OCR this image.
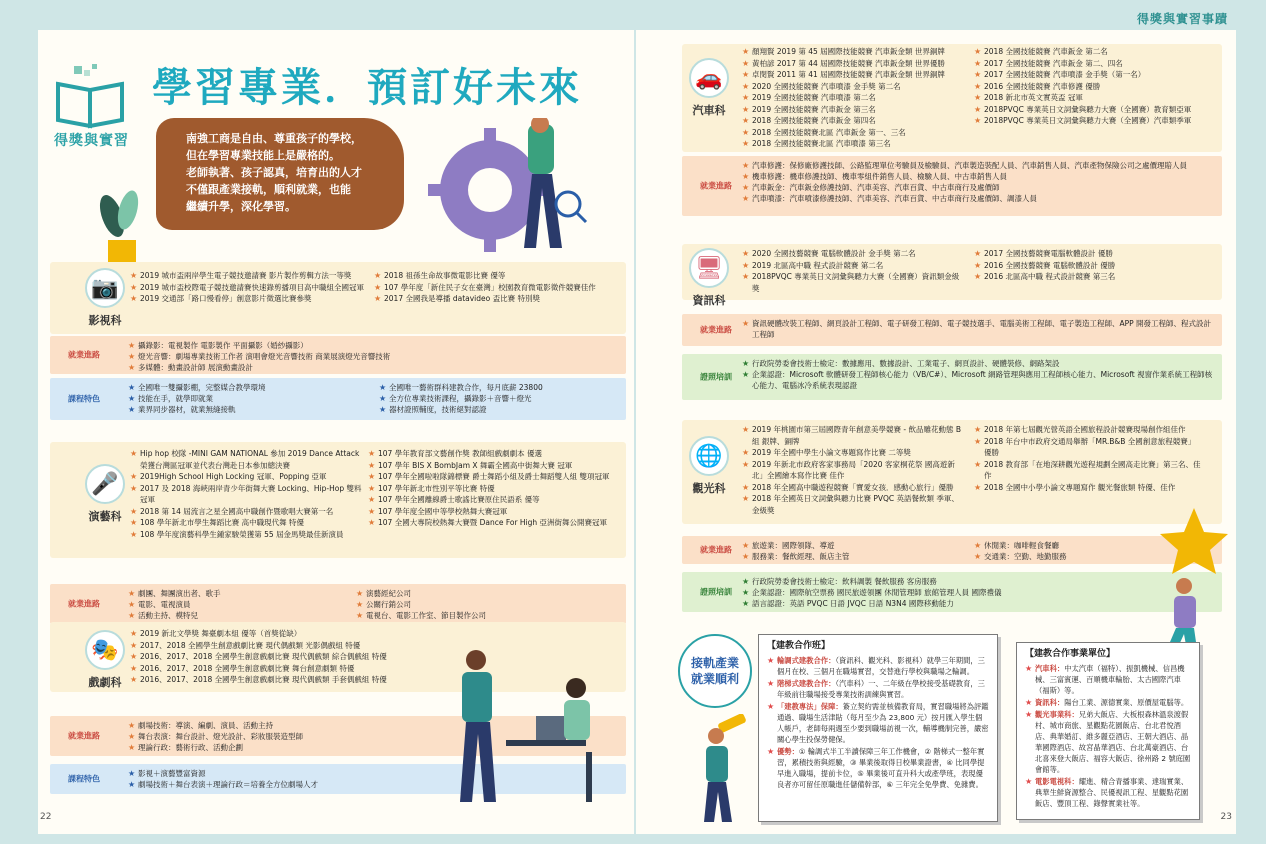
得獎與實習事蹟
得獎與實習
學習專業．預訂好未來
南強工商是自由、尊重孩子的學校，
但在學習專業技能上是嚴格的。
老師執著、孩子認真，培育出的人才
不僅跟產業接軌，順利就業，也能
繼續升學，深化學習。
📷
影視科
★ 2019 城市盃兩岸學生電子競技邀請賽 影片製作剪輯方法一等獎
★ 2019 城市盃校際電子競技邀請賽快速錄剪播項目高中職組全國冠軍
★ 2019 交通部「路口慢看停」創意影片徵選比賽參獎
★ 2018 祖孫生命故事微電影比賽 優等
★ 107 學年度「新住民子女在臺灣」校園教育微電影徵件競賽佳作
★ 2017 全國我是導播 datavideo 盃比賽 特別獎
就業進路
★ 攝錄影：電視製作 電影製作 平面攝影（婚紗攝影）
★ 燈光音響：劇場專業技術工作者 演唱會燈光音響技術 商業展演燈光音響技術
★ 多媒體：動畫設計師 展演動畫設計
課程特色
★ 全國唯一雙攝影棚，完整媒合教學環境
★ 技能在手，就學即就業
★ 業界同步器材，就業無縫接軌
★ 全國唯一藝術群科建教合作，每月底薪 23800
★ 全方位專業技術課程，攝錄影＋音響＋燈光
★ 器材證照輔度，技術絕對認證
🎤
演藝科
★ Hip hop 校隊 -MINI GAM NATIONAL 參加 2019 Dance Attack 榮獲台灣區冠軍並代表台灣赴日本參加總決賽
★ 2019High School High Locking 冠軍、Popping 亞軍
★ 2017 及 2018 海峽兩岸青少年街舞大賽 Locking、Hip-Hop 雙料冠軍
★ 2018 第 14 屆流言之星全國高中職創作暨歌唱大賽第一名
★ 108 學年新北市學生舞蹈比賽 高中職現代舞 特優
★ 108 學年度演藝科學生鍾家駿榮獲第 55 屆金馬獎最佳新演員
★ 107 學年教育部文藝創作獎 教師組戲劇劇本 優選
★ 107 學年 BIS X BombJam X 舞霸全國高中街舞大賽 冠軍
★ 107 學年全國啦啦隊錦標賽 爵士舞蹈小組及爵士舞蹈雙人組 雙項冠軍
★ 107 學年新北市性別平等比賽 特優
★ 107 學年全國離線爵士歌謠比賽原住民語系 優等
★ 107 學年度全國中等學校熱舞大賽冠軍
★ 107 全國大專院校熱舞大賽暨 Dance For High 亞洲街舞公開賽冠軍
就業進路
★ 劇團、舞團演出者、歌手
★ 電影、電視演員
★ 活動主持、模特兒
★ 演藝經紀公司
★ 公關行銷公司
★ 電視台、電影工作室、節目製作公司
🎭
戲劇科
★ 2019 新北文學獎 舞臺劇本組 優等（首獎從缺）
★ 2017、2018 全國學生創意戲劇比賽 現代偶戲類 光影偶戲組 特優
★ 2016、2017、2018 全國學生創意戲劇比賽 現代偶戲類 綜合偶戲組 特優
★ 2016、2017、2018 全國學生創意戲劇比賽 舞台創意劇類 特優
★ 2016、2017、2018 全國學生創意戲劇比賽 現代偶戲類 手套偶戲組 特優
就業進路
★ 劇場技術：導演、編劇、演員、活動主持
★ 舞台表演：舞台設計、燈光設計、彩妝服裝造型師
★ 理論行政：藝術行政、活動企劃
課程特色
★ 影視＋演藝豐富資源
★ 劇場技術＋舞台表演＋理論行政＝培養全方位劇場人才
22
🚗
汽車科
★ 顏翔賢 2019 第 45 屆國際技能競賽 汽車鈑金類 世界銅牌
★ 黃柏諺 2017 第 44 屆國際技能競賽 汽車鈑金類 世界優勝
★ 卓閔賢 2011 第 41 屆國際技能競賽 汽車鈑金類 世界銅牌
★ 2020 全國技能競賽 汽車噴漆 金手獎 第二名
★ 2019 全國技能競賽 汽車噴漆 第二名
★ 2019 全國技能競賽 汽車鈑金 第三名
★ 2018 全國技能競賽 汽車鈑金 第四名
★ 2018 全國技能競賽北區 汽車鈑金 第一、三名
★ 2018 全國技能競賽北區 汽車噴漆 第三名
★ 2018 全國技能競賽 汽車鈑金 第二名
★ 2017 全國技能競賽 汽車鈑金 第二、四名
★ 2017 全國技能競賽 汽車噴漆 金手獎（第一名）
★ 2016 全國技能競賽 汽車修護 優勝
★ 2018 新北市英文實英盃 冠軍
★ 2018PVQC 專業英日文詞彙與聽力大賽（全國賽）教育類亞軍
★ 2018PVQC 專業英日文詞彙與聽力大賽（全國賽）汽車類季軍
就業進路
★ 汽車修護：保修廠修護技師、公路監理單位考驗員及檢驗員、汽車製造裝配人員、汽車銷售人員、汽車產物保險公司之處價理賠人員
★ 機車修護：機車修護技師、機車零組件銷售人員、檢驗人員、中古車銷售人員
★ 汽車鈑金：汽車鈑金修護技師、汽車美容、汽車百貨、中古車商行及處價師
★ 汽車噴漆：汽車噴漆修護技師、汽車美容、汽車百貨、中古車商行及處價師、調漆人員
🖥
資訊科
★ 2020 全國技藝競賽 電腦軟體設計 金手獎 第二名
★ 2019 北區高中職 程式設計競賽 第二名
★ 2018PVQC 專業英日文詞彙與聽力大賽（全國賽）資訊類金級獎
★ 2017 全國技藝競賽電腦軟體設計 優勝
★ 2016 全國技藝競賽 電腦軟體設計 優勝
★ 2016 北區高中職 程式設計競賽 第三名
就業進路
★ 資訊硬體改裝工程師、網頁設計工程師、電子研發工程師、電子競技選手、電腦美術工程師、電子製造工程師、APP 開發工程師、程式設計工程師
證照培訓
★ 行政院勞委會技術士檢定：數據應用、數據設計、工業電子、網頁設計、硬體裝修、網路架設
★ 企業認證：Microsoft 軟體研發工程師核心能力（VB/C#）、Microsoft 網路管理與應用工程師核心能力、Microsoft 視窗作業系統工程師核心能力、電腦冰冷系統表現認證
🌐
觀光科
★ 2019 年桃園市第三屆國際青年創意美學競賽 - 飲品雕花動態 B 組 銀牌、銅牌
★ 2019 年全國中學生小論文專題寫作比賽 二等獎
★ 2019 年新北市政府客家事務局「2020 客家桐花祭 國高遊新北」全國繪本寫作比賽 佳作
★ 2018 年全國高中職遊程競賽「寶愛女孩．感動心旅行」優勝
★ 2018 年全國英日文詞彙與聽力比賽 PVQC 英語餐飲類 季軍、金級獎
★ 2018 年第七屆觀光營英語全國旅程設計競賽現場創作組佳作
★ 2018 年台中市政府交通局舉辦「MR.B&B 全國創意旅程競賽」優勝
★ 2018 教育部「在地深耕觀光遊程規劃全國高走比賽」第三名、佳作
★ 2018 全國中小學小論文專題寫作 觀光餐旅類 特優、佳作
就業進路
★	旅遊業：國際領隊、導遊
★ 服務業：餐飲經理、飯店主管
★ 休閒業：咖啡輕食餐廳
★ 交通業：空勤、地勤服務
證照培訓
★ 行政院勞委會技術士檢定：飲料調製 餐飲服務 客房服務
★ 企業認證：國際航空票務 國民旅遊領團 休閒管理師 旅館管理人員 國際禮儀
★ 語言認證：英語 PVQC 日語 JVQC 日語 N3N4 國際移動能力
接軌產業
就業順利
【建教合作班】
★ 輪調式建教合作：（資訊科、觀光科、影視科）就學三年期間，三個月在校、三個月在職場實習，交替進行學校與職場之輪調。
★ 階梯式建教合作：（汽車科）一、二年級在學校接受基礎教育，三年級前往職場接受專業技術訓練與實習。
★ 「建教專法」保障：簽立契約需並核備教育局，實習職場將為評鑑通過、職場生活津貼（每月至少為 23,800 元）按月匯入學生個人帳戶，老師每兩週至少要到職場訪視一次，輔導機制完善，嚴密關心學生投保勞健保。
★ 優勢：① 輪調式半工半讀保障三年工作機會，② 階梯式一整年實習，累積技術與經驗，③ 畢業後取得日校畢業證書，④ 比同學提早進入職場，提前卡位，⑤ 畢業後可直升科大或產學班，表現優良者亦可留任原職進任儲備幹部，⑥ 三年完全免學費、免雜費。
【建教合作事業單位】
★ 汽車科：中太汽車（福特）、振凱機械、信昌機械、三富賓運、百順機車輪胎、太古國際汽車（福斯）等。
★ 資訊科：陽台工業、源德實業、原價屋電腦等。
★ 觀光事業科：兄弟大飯店、大板根森林溫泉渡假村、城市商旅、星觀點花園飯店、台北君悅酒店、典華婚訂、維多麗亞酒店、王朝大酒店、晶華國際酒店、故宮晶華酒店、台北萬豪酒店、台北喜來登大飯店、福容大飯店、徐州路 2 號庭園會館等。
★ 電影電視科：耀進、精合青播事業、達瑞實業、典華生鮮資源整合、民優視訊工程、星觀點花園飯店、豐頂工程、錄聲實業社等。
23
